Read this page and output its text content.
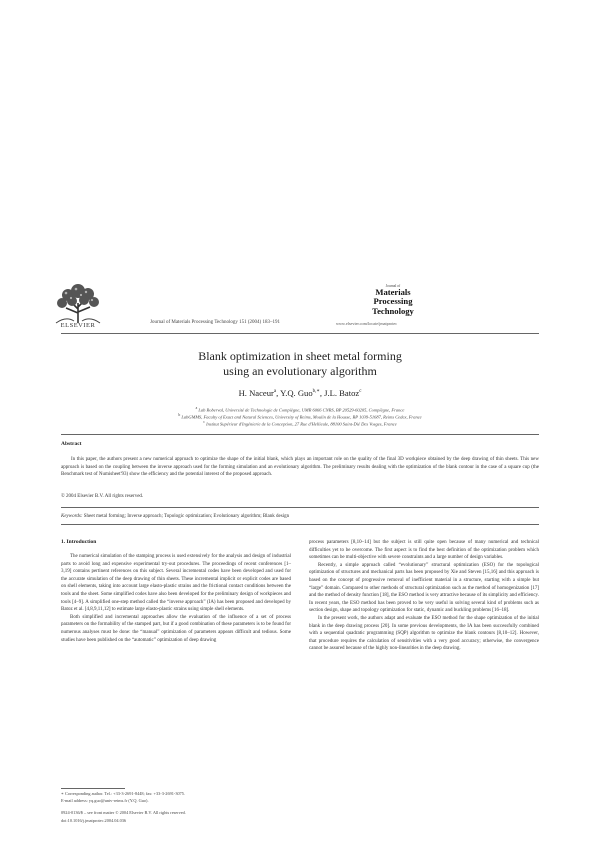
ELSEVIER	Journal of Materials Processing Technology 151 (2004) 183–191
Journal of
Materials
Processing
Technology
www.elsevier.com/locate/jmatprotec
Blank optimization in sheet metal forming
using an evolutionary algorithm
H. Naceur$^a$, Y.Q. Guo$^{b,∗}$, J.L. Batoz$^c$
$^a$ Lab Roberval, Université de Technologie de Compiègne, UMR 6066 CNRS, BP 20529-60205, Compiègne, France
$^b$ LabGMMS, Faculty of Exact and Natural Sciences, University of Reims, Moulin de la Housse, BP 1039-51687, Reims Cedex, France
$^c$ Institut Supérieur d'Ingénierie de la Conception, 27 Rue d'Hellieule, 88100 Saint-Dié Des Vosges, France
Abstract
In this paper, the authors present a new numerical approach to optimize the shape of the initial blank, which plays an important role on the quality of the final 3D workpiece obtained by the deep drawing of thin sheets. This new approach is based on the coupling between the inverse approach used for the forming simulation and an evolutionary algorithm. The preliminary results dealing with the optimization of the blank contour in the case of a square cup (the Benchmark test of Numisheet'93) show the efficiency and the potential interest of the proposed approach.
© 2004 Elsevier B.V. All rights reserved.
Keywords: Sheet metal forming; Inverse approach; Topologic optimization; Evolutionary algorithm; Blank design
1. Introduction

The numerical simulation of the stamping process is used extensively for the analysis and design of industrial parts to avoid long and expensive experimental try-out procedures. The proceedings of recent conferences [1–3,19] contains pertinent references on this subject. Several incremental codes have been developed and used for the accurate simulation of the deep drawing of thin sheets. These incremental implicit or explicit codes are based on shell elements, taking into account large elasto-plastic strains and the frictional contact conditions between the tools and the sheet. Some simplified codes have also been developed for the preliminary design of workpieces and tools [4–9]. A simplified one-step method called the “inverse approach” (IA) has been proposed and developed by Batoz et al. [4,8,9,11,12] to estimate large elasto-plastic strains using simple shell elements.

Both simplified and incremental approaches allow the evaluation of the influence of a set of process parameters on the formability of the stamped part, but if a good combination of these parameters is to be found for numerous analyses must be done: the “manual” optimization of parameters appears difficult and tedious. Some studies have been published on the “automatic” optimization of deep drawing

process parameters [8,10–14] but the subject is still quite open because of many numerical and technical difficulties yet to be overcome. The first aspect is to find the best definition of the optimization problem which sometimes can be multi-objective with severe constraints and a large number of design variables.

Recently, a simple approach called “evolutionary” structural optimization (ESO) for the topological optimization of structures and mechanical parts has been proposed by Xie and Steven [15,16] and this approach is based on the concept of progressive removal of inefficient material in a structure, starting with a simple but “large” domain. Compared to other methods of structural optimization such as the method of homogenization [17] and the method of density function [18], the ESO method is very attractive because of its simplicity and efficiency. In recent years, the ESO method has been proved to be very useful in solving several kind of problems such as section design, shape and topology optimization for static, dynamic and buckling problems [16–18].

In the present work, the authors adapt and evaluate the ESO method for the shape optimization of the initial blank in the deep drawing process [20]. In some previous developments, the IA has been successfully combined with a sequential quadratic programming (SQP) algorithm to optimize the blank contours [8,10–12]. However, that procedure requires the calculation of sensitivities with a very good accuracy; otherwise, the convergence cannot be assured because of the highly non-linearities in the deep drawing.

∗ Corresponding author. Tel.: +33-3-2691-8448; fax: +33-3-2691-3075.
E-mail address: yq.guo@univ-reims.fr (Y.Q. Guo).
0924-0136/$ – see front matter © 2004 Elsevier B.V. All rights reserved.
doi:10.1016/j.jmatprotec.2004.04.036
